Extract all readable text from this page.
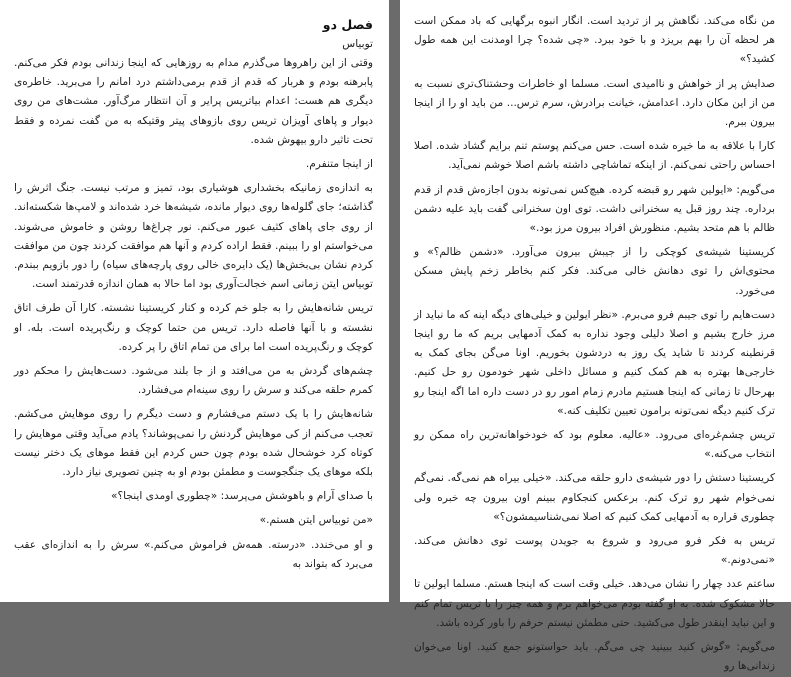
فصل دو
توبیاس

وقتی از این راهروها می‌گذرم مدام به روزهایی که اینجا زندانی بودم فکر می‌کنم. پابرهنه بودم و هربار که قدم از قدم برمی‌داشتم درد امانم را می‌برید. خاطره‌ی دیگری هم هست: اعدام بیاتریس پرایر و آن انتظار مرگ‌آور. مشت‌های من روی دیوار و پاهای آویزان تریس روی بازوهای پیتر وقتیکه به من گفت نمرده و فقط تحت تاثیر دارو بیهوش شده.

از اینجا متنفرم.

به اندازه‌ی زمانیکه بخشداری هوشیاری بود، تمیز و مرتب نیست. جنگ اثرش را گذاشته؛ جای گلوله‌ها روی دیوار مانده، شیشه‌ها خرد شده‌اند و لامپ‌ها شکسته‌اند. از روی جای پاهای کثیف عبور می‌کنم. نور چراغ‌ها روشن و خاموش می‌شوند. می‌خواستم او را ببینم. فقط اراده کردم و آنها هم موافقت کردند چون من موافقت کردم نشان بی‌بخش‌ها (یک دایره‌ی خالی روی پارچه‌های سیاه) را دور بازویم ببندم. توبیاس ایتن زمانی اسم خجالت‌آوری بود اما حالا به همان اندازه قدرتمند است.

تریس شانه‌هایش را به جلو خم کرده و کنار کریستینا نشسته. کارا آن طرف اتاق نشسته و با آنها فاصله دارد. تریس من حتما کوچک و رنگ‌پریده است. بله. او کوچک و رنگ‌پریده است اما برای من تمام اتاق را پر کرده.

چشم‌های گردش به من می‌افتد و از جا بلند می‌شود. دست‌هایش را محکم دور کمرم حلقه می‌کند و سرش را روی سینه‌ام می‌فشارد.

شانه‌هایش را با یک دستم می‌فشارم و دست دیگرم را روی موهایش می‌کشم. تعجب می‌کنم از کی موهایش گردنش را نمی‌پوشاند؟ یادم می‌آید وقتی موهایش را کوتاه کرد خوشحال شده بودم چون حس کردم این فقط موهای یک دختر نیست بلکه موهای یک جنگجوست و مطمئن بودم او به چنین تصویری نیاز دارد.

با صدای آرام و باهوشش می‌پرسد: «چطوری اومدی اینجا؟»

«من توبیاس ایتن هستم.»

و او می‌خندد. «درسته. همه‌ش فراموش می‌کنم.» سرش را به اندازه‌ای عقب می‌برد که بتواند به

من نگاه می‌کند. نگاهش پر از تردید است. انگار انبوه برگهایی که باد ممکن است هر لحظه آن را بهم بریزد و با خود ببرد. «چی شده؟ چرا اومدنت این همه طول کشید؟»

صدایش پر از خواهش و ناامیدی است. مسلما او خاطرات وحشتناک‌تری نسبت به من از این مکان دارد. اعدامش، خیانت برادرش، سرم ترس... من باید او را از اینجا بیرون ببرم.

کارا با علاقه به ما خیره شده است. حس می‌کنم پوستم تنم برایم گشاد شده. اصلا احساس راحتی نمی‌کنم. از اینکه تماشاچی داشته باشم اصلا خوشم نمی‌آید.

می‌گویم: «ایولین شهر رو قبضه کرده. هیچ‌کس نمی‌تونه بدون اجازه‌ش قدم از قدم برداره. چند روز قبل یه سخنرانی داشت. توی اون سخنرانی گفت باید علیه دشمن ظالم با هم متحد بشیم. منظورش افراد بیرون مرز بود.»

کریستینا شیشه‌ی کوچکی را از جیبش بیرون می‌آورد. «دشمن ظالم؟» و محتوی‌اش را توی دهانش خالی می‌کند. فکر کنم بخاطر زخم پایش مسکن می‌خورد.

دست‌هایم را توی جیبم فرو می‌برم. «نظر ایولین و خیلی‌های دیگه اینه که ما نباید از مرز خارج بشیم و اصلا دلیلی وجود نداره به کمک آدمهایی بریم که ما رو اینجا قرنطینه کردند تا شاید یک روز به دردشون بخوریم. اونا می‌گن بجای کمک به خارجی‌ها بهتره به هم کمک کنیم و مسائل داخلی شهر خودمون رو حل کنیم. بهرحال تا زمانی که اینجا هستیم مادرم زمام امور رو در دست داره اما اگه اینجا رو ترک کنیم دیگه نمی‌تونه برامون تعیین تکلیف کنه.»

تریس چشم‌غره‌ای می‌رود. «عالیه. معلوم بود که خودخواهانه‌ترین راه ممکن رو انتخاب می‌کنه.»

کریستینا دستش را دور شیشه‌ی دارو حلقه می‌کند. «خیلی بیراه هم نمی‌گه. نمی‌گم نمی‌خوام شهر رو ترک کنم. برعکس کنجکاوم ببینم اون بیرون چه خبره ولی چطوری قراره به آدمهایی کمک کنیم که اصلا نمی‌شناسیمشون؟»

تریس به فکر فرو می‌رود و شروع به جویدن پوست توی دهانش می‌کند. «نمی‌دونم.»

ساعتم عدد چهار را نشان می‌دهد. خیلی وقت است که اینجا هستم. مسلما ایولین تا حالا مشکوک شده. به او گفته بودم می‌خواهم برم و همه چیز را با تریس تمام کنم و این نباید اینقدر طول می‌کشید. حتی مطمئن نیستم حرفم را باور کرده باشد.

می‌گویم: «گوش کنید ببینید چی می‌گم. باید حواستونو جمع کنید. اونا می‌خوان زندانی‌ها رو
